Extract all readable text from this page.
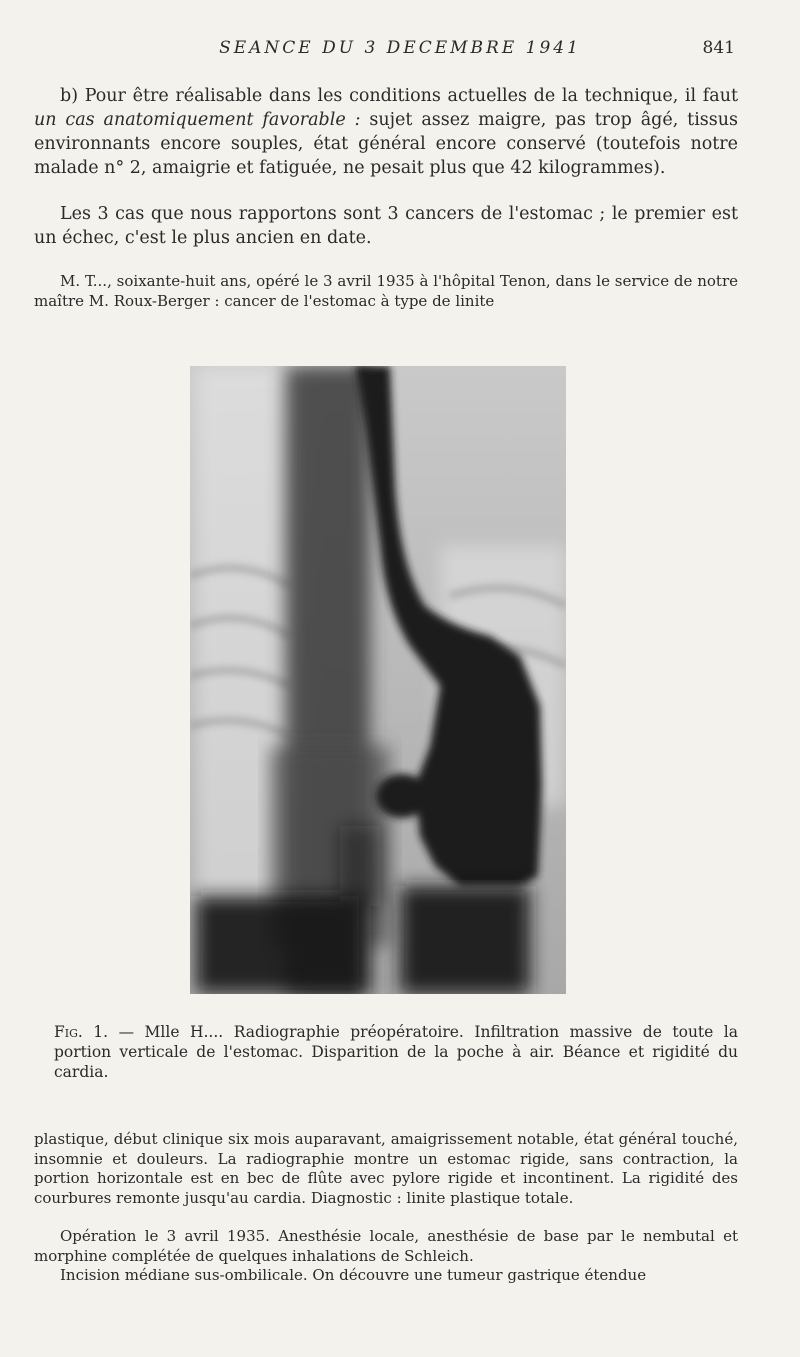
SEANCE DU 3 DECEMBRE 1941	841

b) Pour être réalisable dans les conditions actuelles de la technique, il faut un cas anatomiquement favorable : sujet assez maigre, pas trop âgé, tissus environnants encore souples, état général encore conservé (toutefois notre malade n° 2, amaigrie et fatiguée, ne pesait plus que 42 kilogrammes).

Les 3 cas que nous rapportons sont 3 cancers de l'estomac ; le premier est un échec, c'est le plus ancien en date.

M. T..., soixante-huit ans, opéré le 3 avril 1935 à l'hôpital Tenon, dans le service de notre maître M. Roux-Berger : cancer de l'estomac à type de linite

Fig. 1. — Mlle H.... Radiographie préopératoire. Infiltration massive de toute la portion verticale de l'estomac. Disparition de la poche à air. Béance et rigidité du cardia.

plastique, début clinique six mois auparavant, amaigrissement notable, état général touché, insomnie et douleurs. La radiographie montre un estomac rigide, sans contraction, la portion horizontale est en bec de flûte avec pylore rigide et incontinent. La rigidité des courbures remonte jusqu'au cardia. Diagnostic : linite plastique totale.

Opération le 3 avril 1935. Anesthésie locale, anesthésie de base par le nembutal et morphine complétée de quelques inhalations de Schleich.

Incision médiane sus-ombilicale. On découvre une tumeur gastrique étendue
